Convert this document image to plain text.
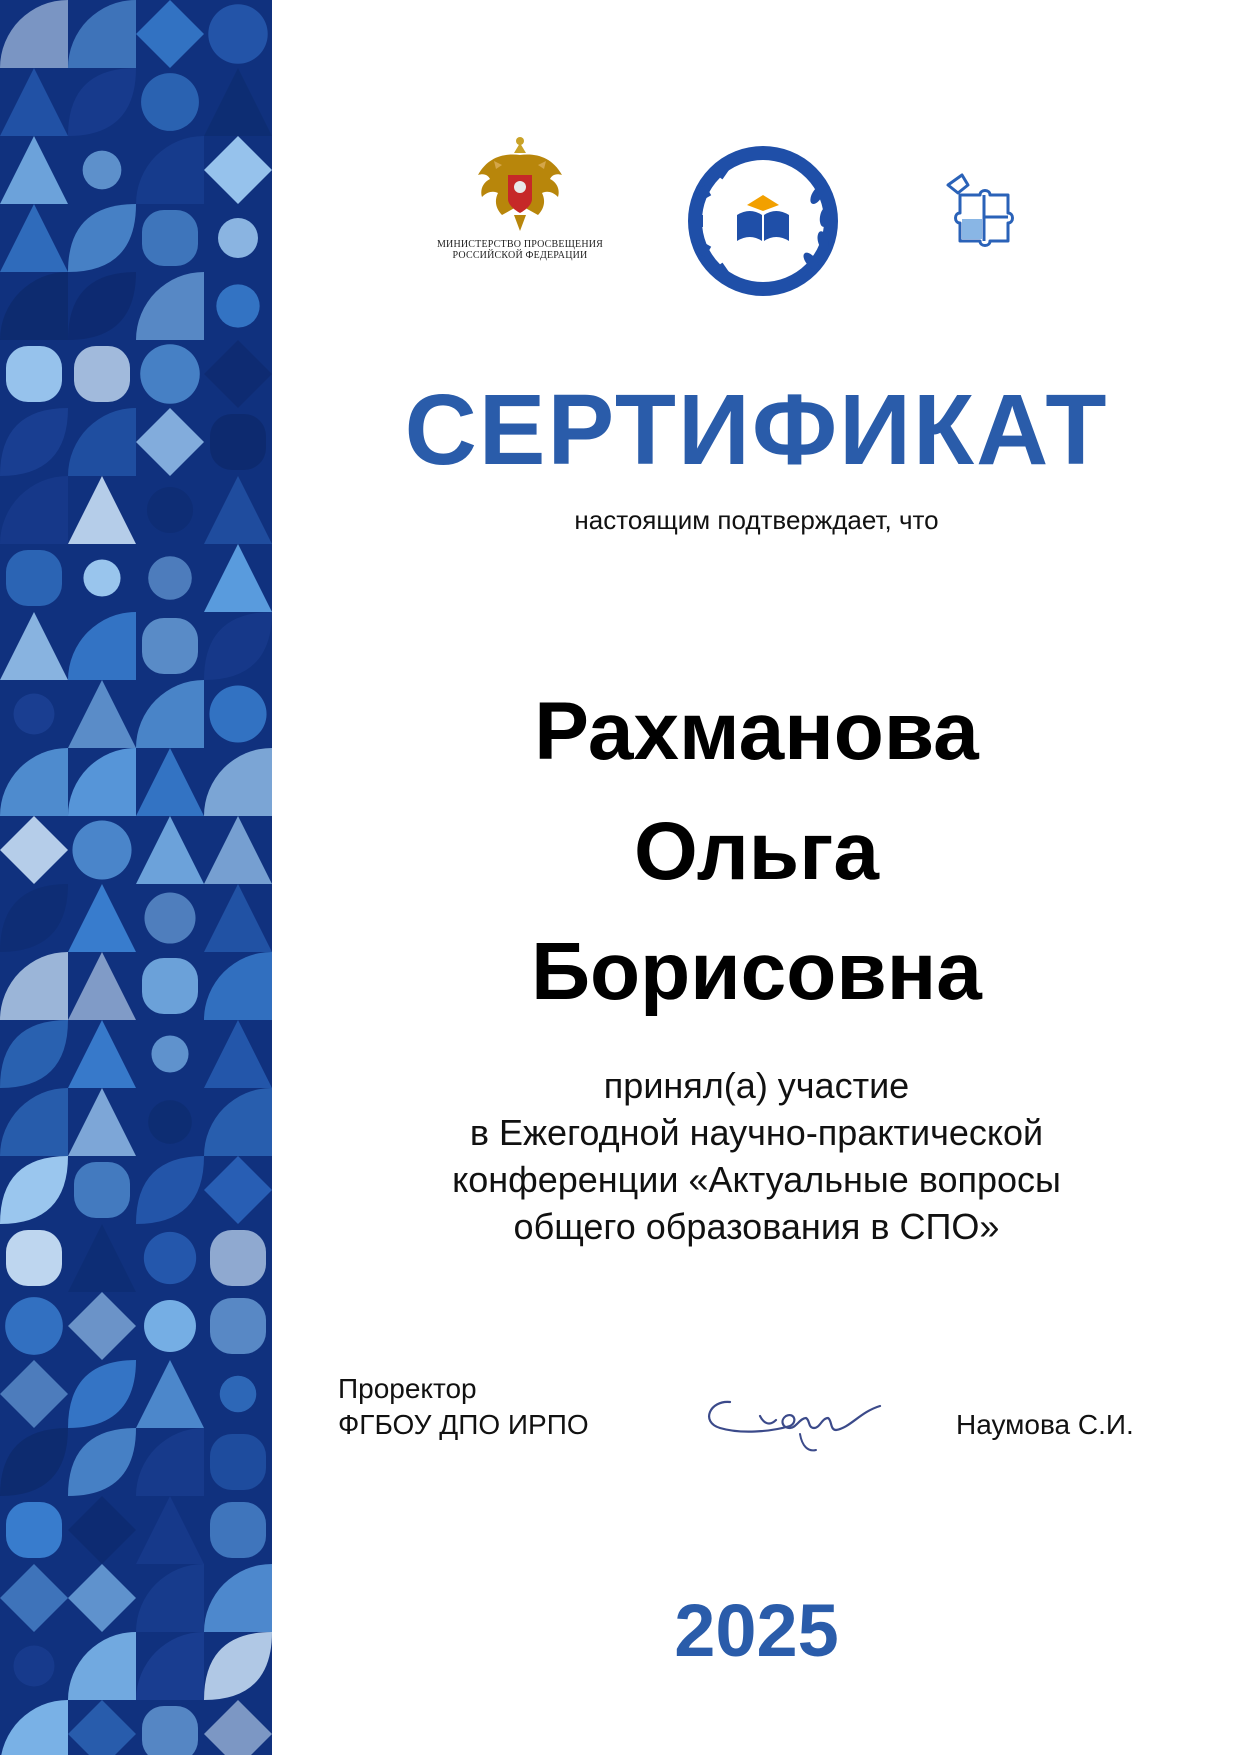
МИНИСТЕРСТВО ПРОСВЕЩЕНИЯ
РОССИЙСКОЙ ФЕДЕРАЦИИ
ИРПО
СЕРТИФИКАТ
настоящим подтверждает, что
Рахманова
Ольга
Борисовна
принял(а) участие
в Ежегодной научно-практической
конференции «Актуальные вопросы
общего образования в СПО»
Проректор
ФГБОУ ДПО ИРПО	Наумова С.И.
2025
